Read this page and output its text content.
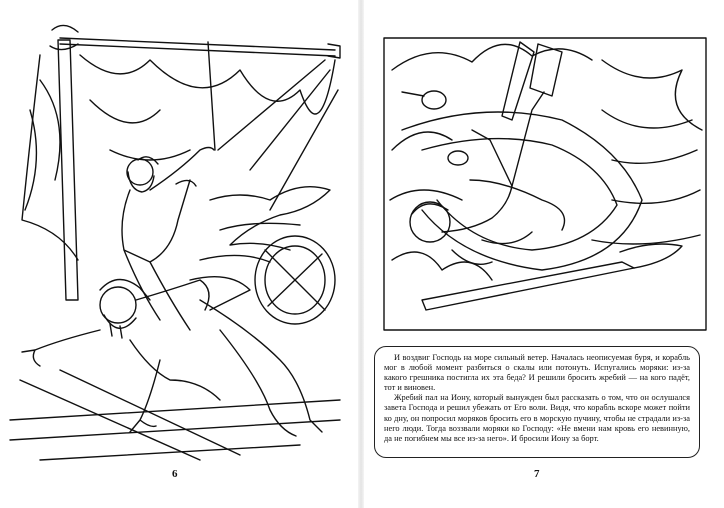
6

И воздвиг Господь на море сильный ветер. Началась неописуемая буря, и корабль мог в любой момент разбиться о скалы или потонуть. Испугались моряки: из-за какого грешника постигла их эта беда? И решили бросить жребий — на кого падёт, тот и виновен.

Жребий пал на Иону, который вынужден был рассказать о том, что он ослушался завета Господа и решил убежать от Его воли. Видя, что корабль вскоре может пойти ко дну, он попросил моряков бросить его в морскую пучину, чтобы не страдали из-за него люди. Тогда воззвали моряки ко Господу: «Не вмени нам кровь его невинную, да не погибнем мы все из-за него». И бросили Иону за борт.

7
